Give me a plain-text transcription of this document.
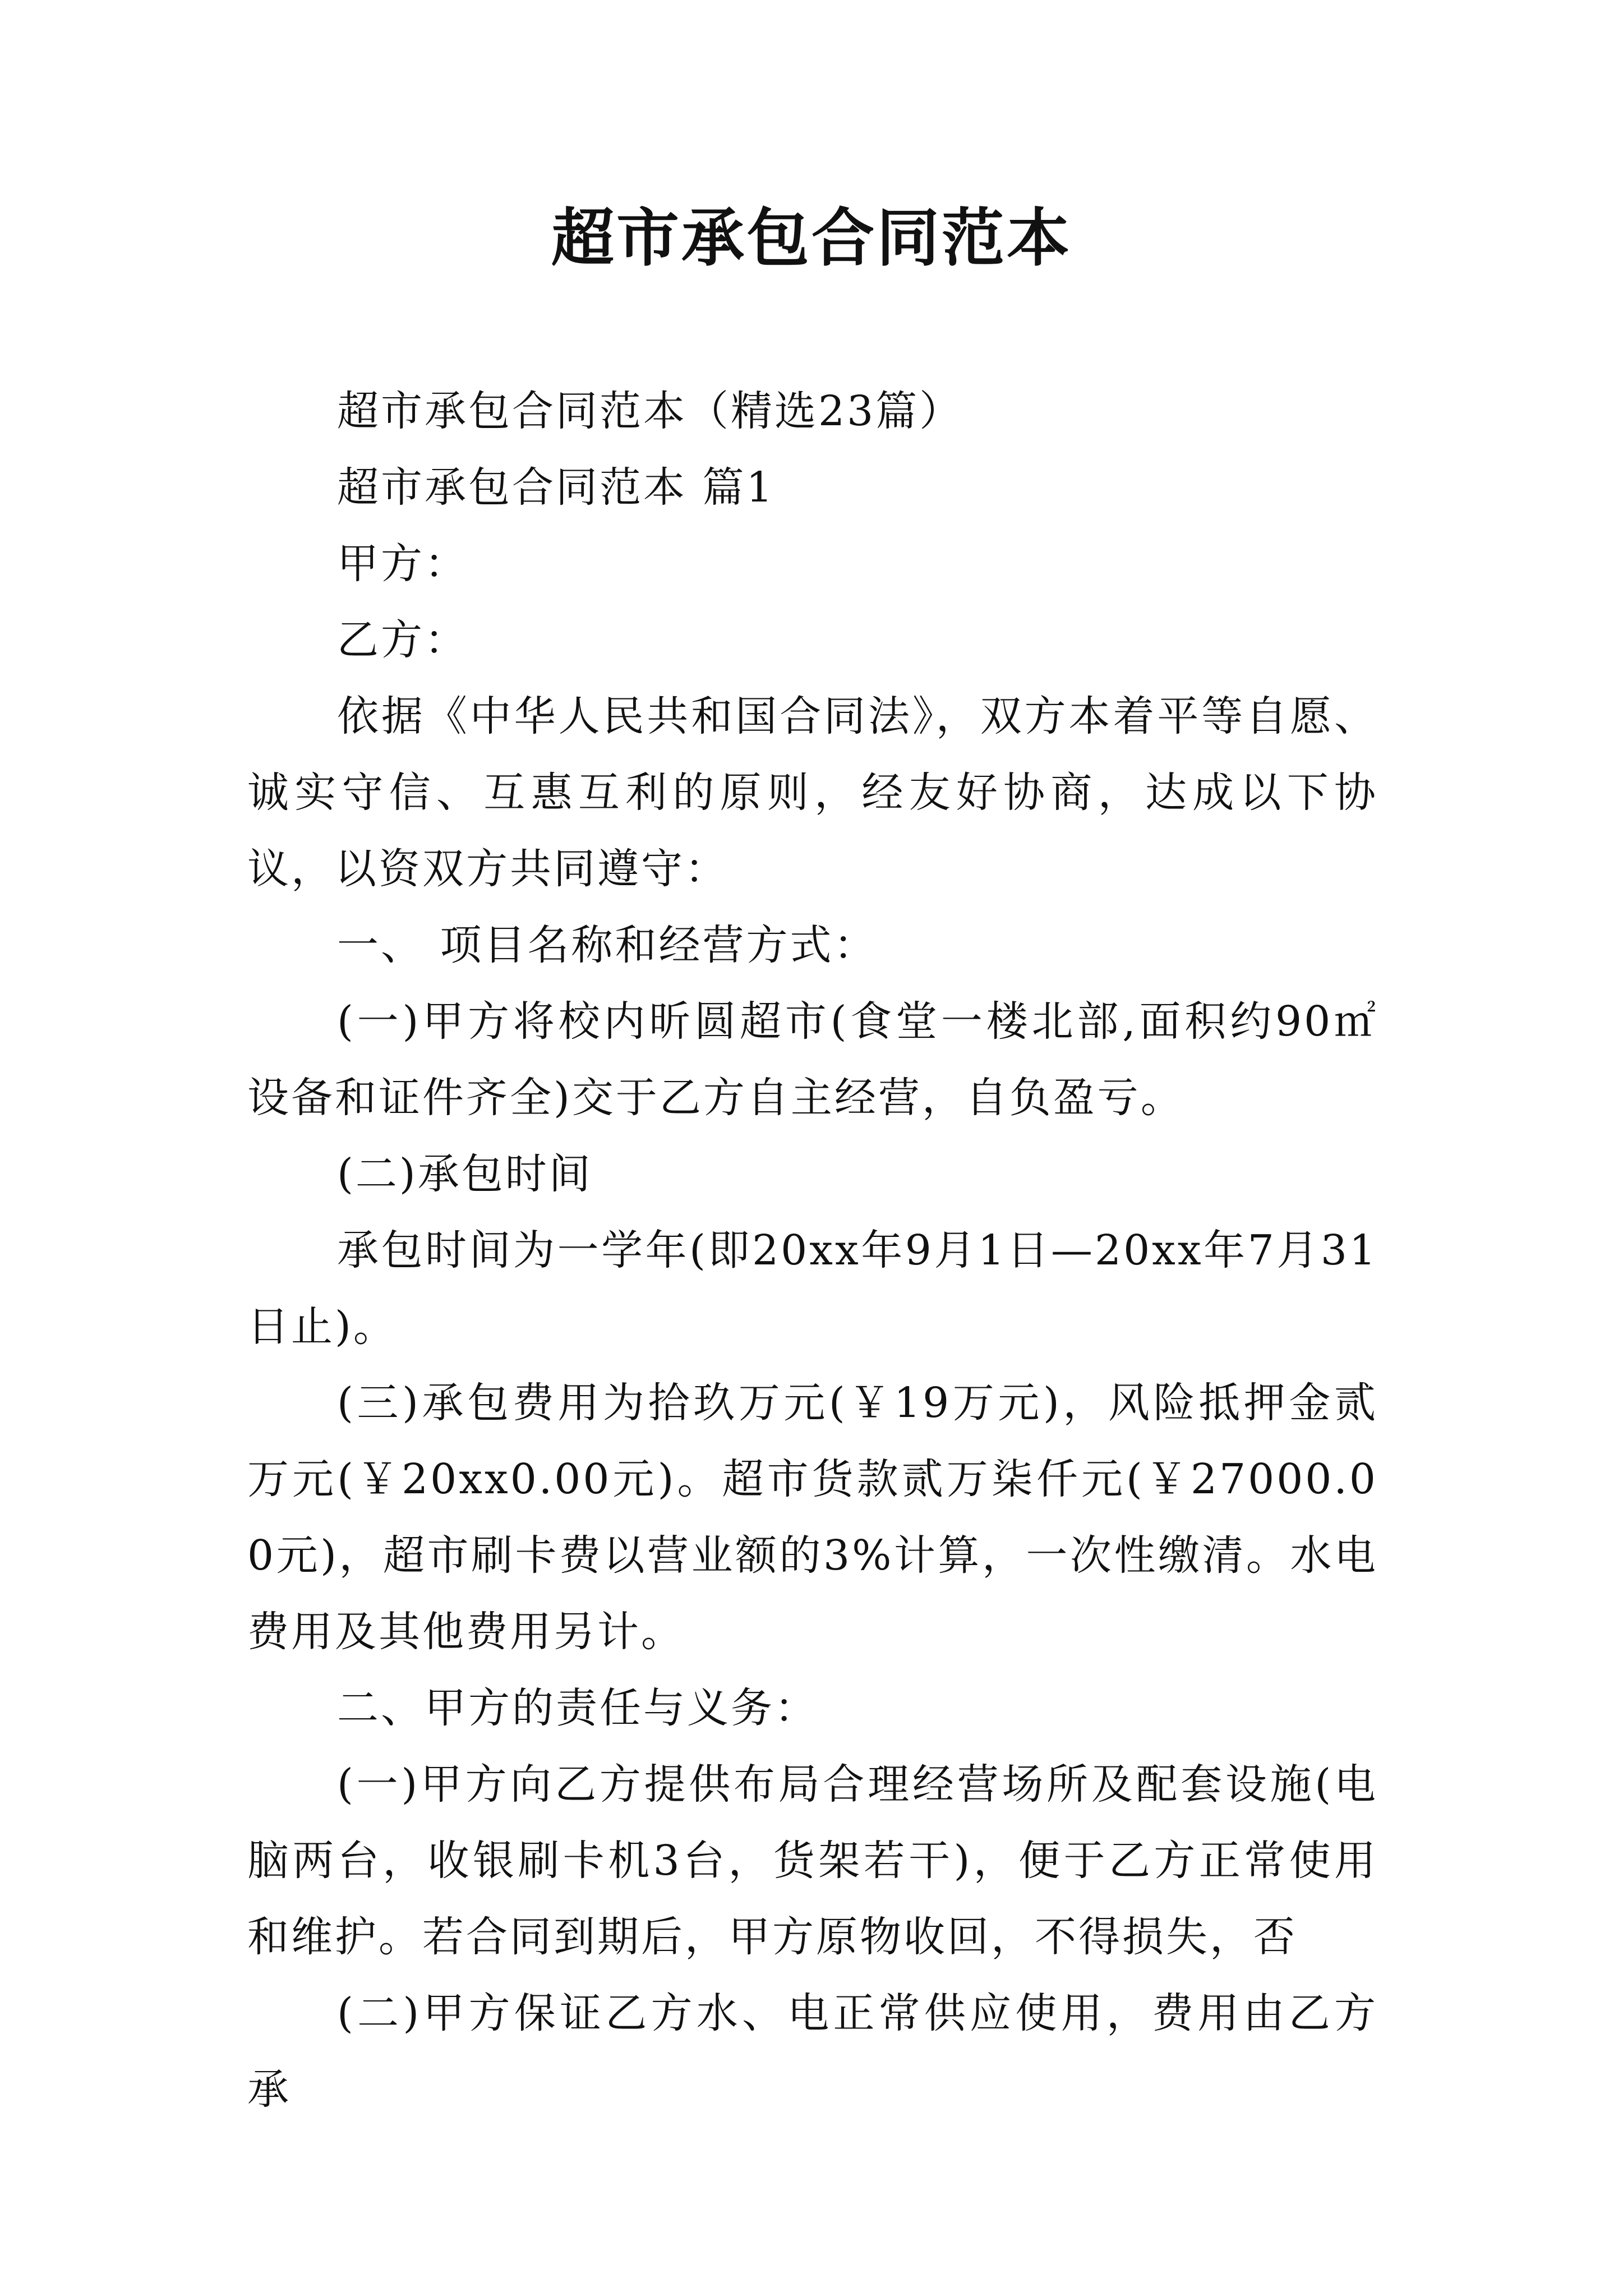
超市承包合同范本

超市承包合同范本（精选23篇）

超市承包合同范本 篇1

甲方：

乙方：

依据《中华人民共和国合同法》，双方本着平等自愿、诚实守信、互惠互利的原则，经友好协商，达成以下协议，以资双方共同遵守：

一、 项目名称和经营方式：

(一)甲方将校内昕圆超市(食堂一楼北部,面积约90㎡设备和证件齐全)交于乙方自主经营，自负盈亏。

(二)承包时间

承包时间为一学年(即20xx年9月1日—20xx年7月31日止)。

(三)承包费用为拾玖万元(￥19万元)，风险抵押金贰万元(￥20xx0.00元)。超市货款贰万柒仟元(￥27000.00元)，超市刷卡费以营业额的3%计算，一次性缴清。水电费用及其他费用另计。

二、甲方的责任与义务：

(一)甲方向乙方提供布局合理经营场所及配套设施(电脑两台，收银刷卡机3台，货架若干)，便于乙方正常使用和维护。若合同到期后，甲方原物收回，不得损失，否

(二)甲方保证乙方水、电正常供应使用，费用由乙方承
